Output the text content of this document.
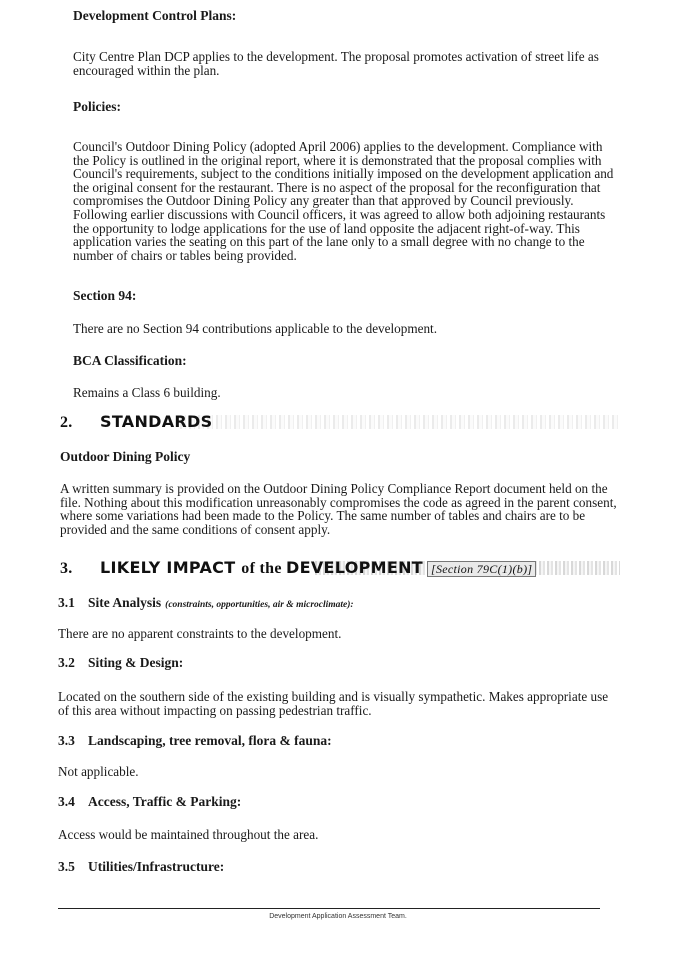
Development Control Plans:

City Centre Plan DCP applies to the development. The proposal promotes activation of street life as encouraged within the plan.

Policies:

Council's Outdoor Dining Policy (adopted April 2006) applies to the development. Compliance with the Policy is outlined in the original report, where it is demonstrated that the proposal complies with Council's requirements, subject to the conditions initially imposed on the development application and the original consent for the restaurant. There is no aspect of the proposal for the reconfiguration that compromises the Outdoor Dining Policy any greater than that approved by Council previously. Following earlier discussions with Council officers, it was agreed to allow both adjoining restaurants the opportunity to lodge applications for the use of land opposite the adjacent right-of-way. This application varies the seating on this part of the lane only to a small degree with no change to the number of chairs or tables being provided.

Section 94:

There are no Section 94 contributions applicable to the development.

BCA Classification:

Remains a Class 6 building.

2. STANDARDS

Outdoor Dining Policy

A written summary is provided on the Outdoor Dining Policy Compliance Report document held on the file. Nothing about this modification unreasonably compromises the code as agreed in the parent consent, where some variations had been made to the Policy. The same number of tables and chairs are to be provided and the same conditions of consent apply.

3. LIKELY IMPACT of the DEVELOPMENT [Section 79C(1)(b)]
3.1 Site Analysis (constraints, opportunities, air & microclimate):

There are no apparent constraints to the development.

3.2 Siting & Design:

Located on the southern side of the existing building and is visually sympathetic. Makes appropriate use of this area without impacting on passing pedestrian traffic.

3.3 Landscaping, tree removal, flora & fauna:

Not applicable.

3.4 Access, Traffic & Parking:

Access would be maintained throughout the area.

3.5 Utilities/Infrastructure:
Development Application Assessment Team.
